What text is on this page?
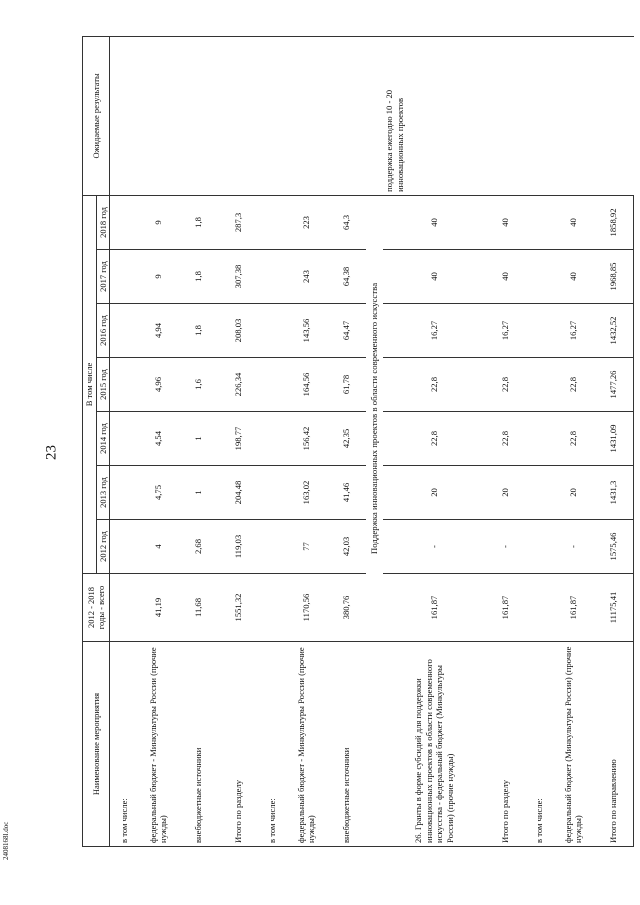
23
2408168l.doc
Наименование мероприятия	2012 - 2018
годы - всего	В том числе							Ожидаемые результаты
		2012 год	2013 год	2014 год	2015 год	2016 год	2017 год	2018 год	
в том числе:									
федеральный бюджет - Минкультуры России (прочие нужды)	41,19	4	4,75	4,54	4,96	4,94	9	9	
внебюджетные источники	11,68	2,68	1	1	1,6	1,8	1,8	1,8	
Итого по разделу	1551,32	119,03	204,48	198,77	226,34	208,03	307,38	287,3	
в том числе:									
федеральный бюджет - Минкультуры России (прочие нужды)	1170,56	77	163,02	156,42	164,56	143,56	243	223	
внебюджетные источники	380,76	42,03	41,46	42,35	61,78	64,47	64,38	64,3	
	Поддержка инновационных проектов в области современного искусства								
26. Гранты в форме субсидий для поддержки инновационных проектов в области современного искусства - федеральный бюджет (Минкультуры России) (прочие нужды)	161,87	-	20	22,8	22,8	16,27	40	40	поддержка ежегодно 10 - 20 инновационных проектов
Итого по разделу	161,87	-	20	22,8	22,8	16,27	40	40	
в том числе:									
федеральный бюджет (Минкультуры России) (прочие нужды)	161,87	-	20	22,8	22,8	16,27	40	40	
Итого по направлению	11175,41	1575,46	1431,3	1431,09	1477,26	1432,52	1968,85	1858,92	
